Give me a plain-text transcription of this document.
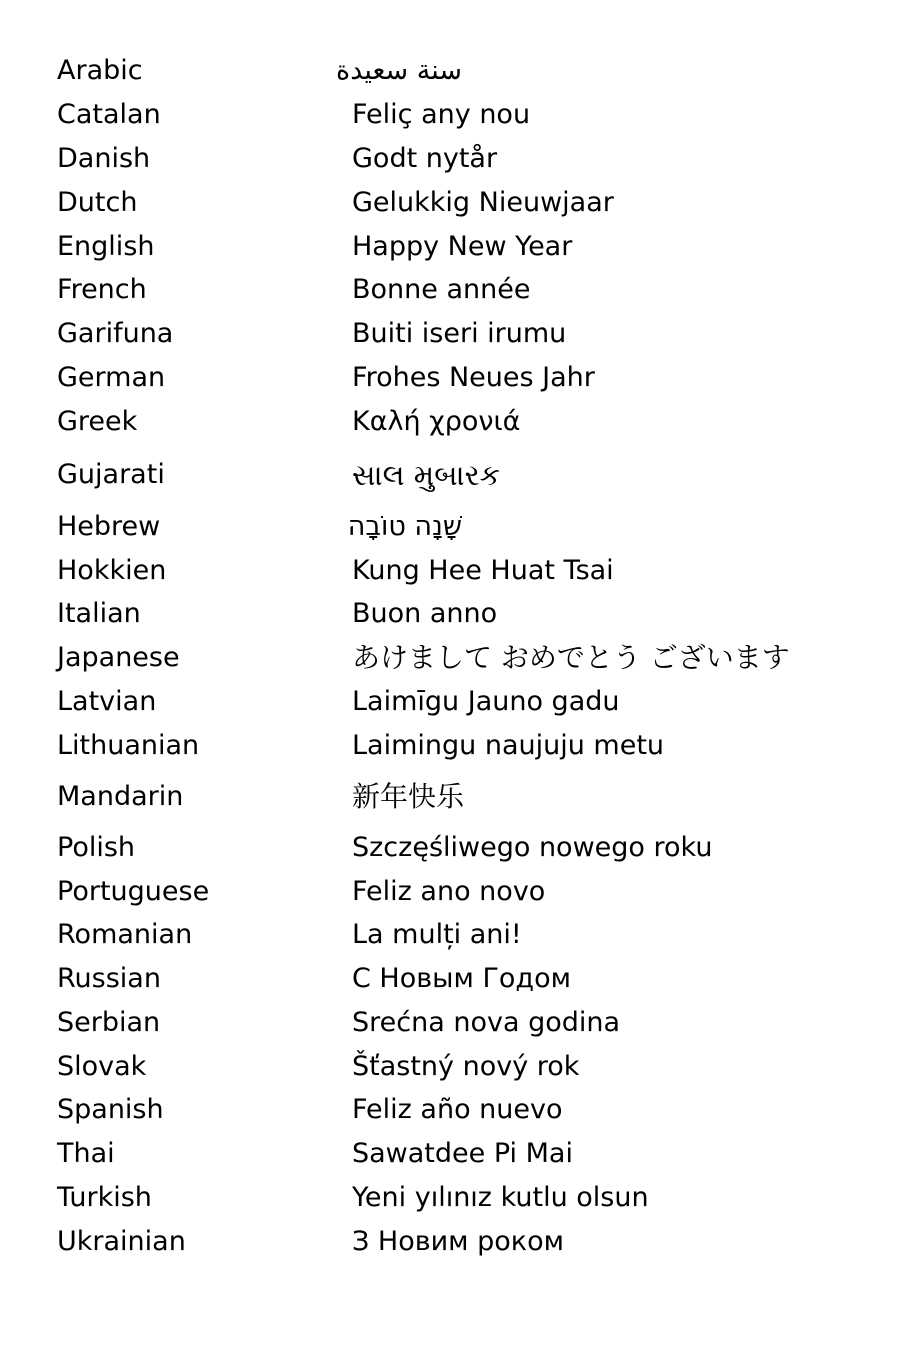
Arabic	سنة سعيدة
Catalan	Feliç any nou
Danish	Godt nytår
Dutch	Gelukkig Nieuwjaar
English	Happy New Year
French	Bonne année
Garifuna	Buiti iseri irumu
German	Frohes Neues Jahr
Greek	Καλή χρονιά
Gujarati	સાલ મુબારક
Hebrew	שָׁנָה טוֹבָה
Hokkien	Kung Hee Huat Tsai
Italian	Buon anno
Japanese	あけまして おめでとう ございます
Latvian	Laimīgu Jauno gadu
Lithuanian	Laimingu naujuju metu
Mandarin	新年快乐
Polish	Szczęśliwego nowego roku
Portuguese	Feliz ano novo
Romanian	La mulți ani!
Russian	С Новым Годом
Serbian	Srećna nova godina
Slovak	Šťastný nový rok
Spanish	Feliz año nuevo
Thai	Sawatdee Pi Mai
Turkish	Yeni yılınız kutlu olsun
Ukrainian	З Новим роком
